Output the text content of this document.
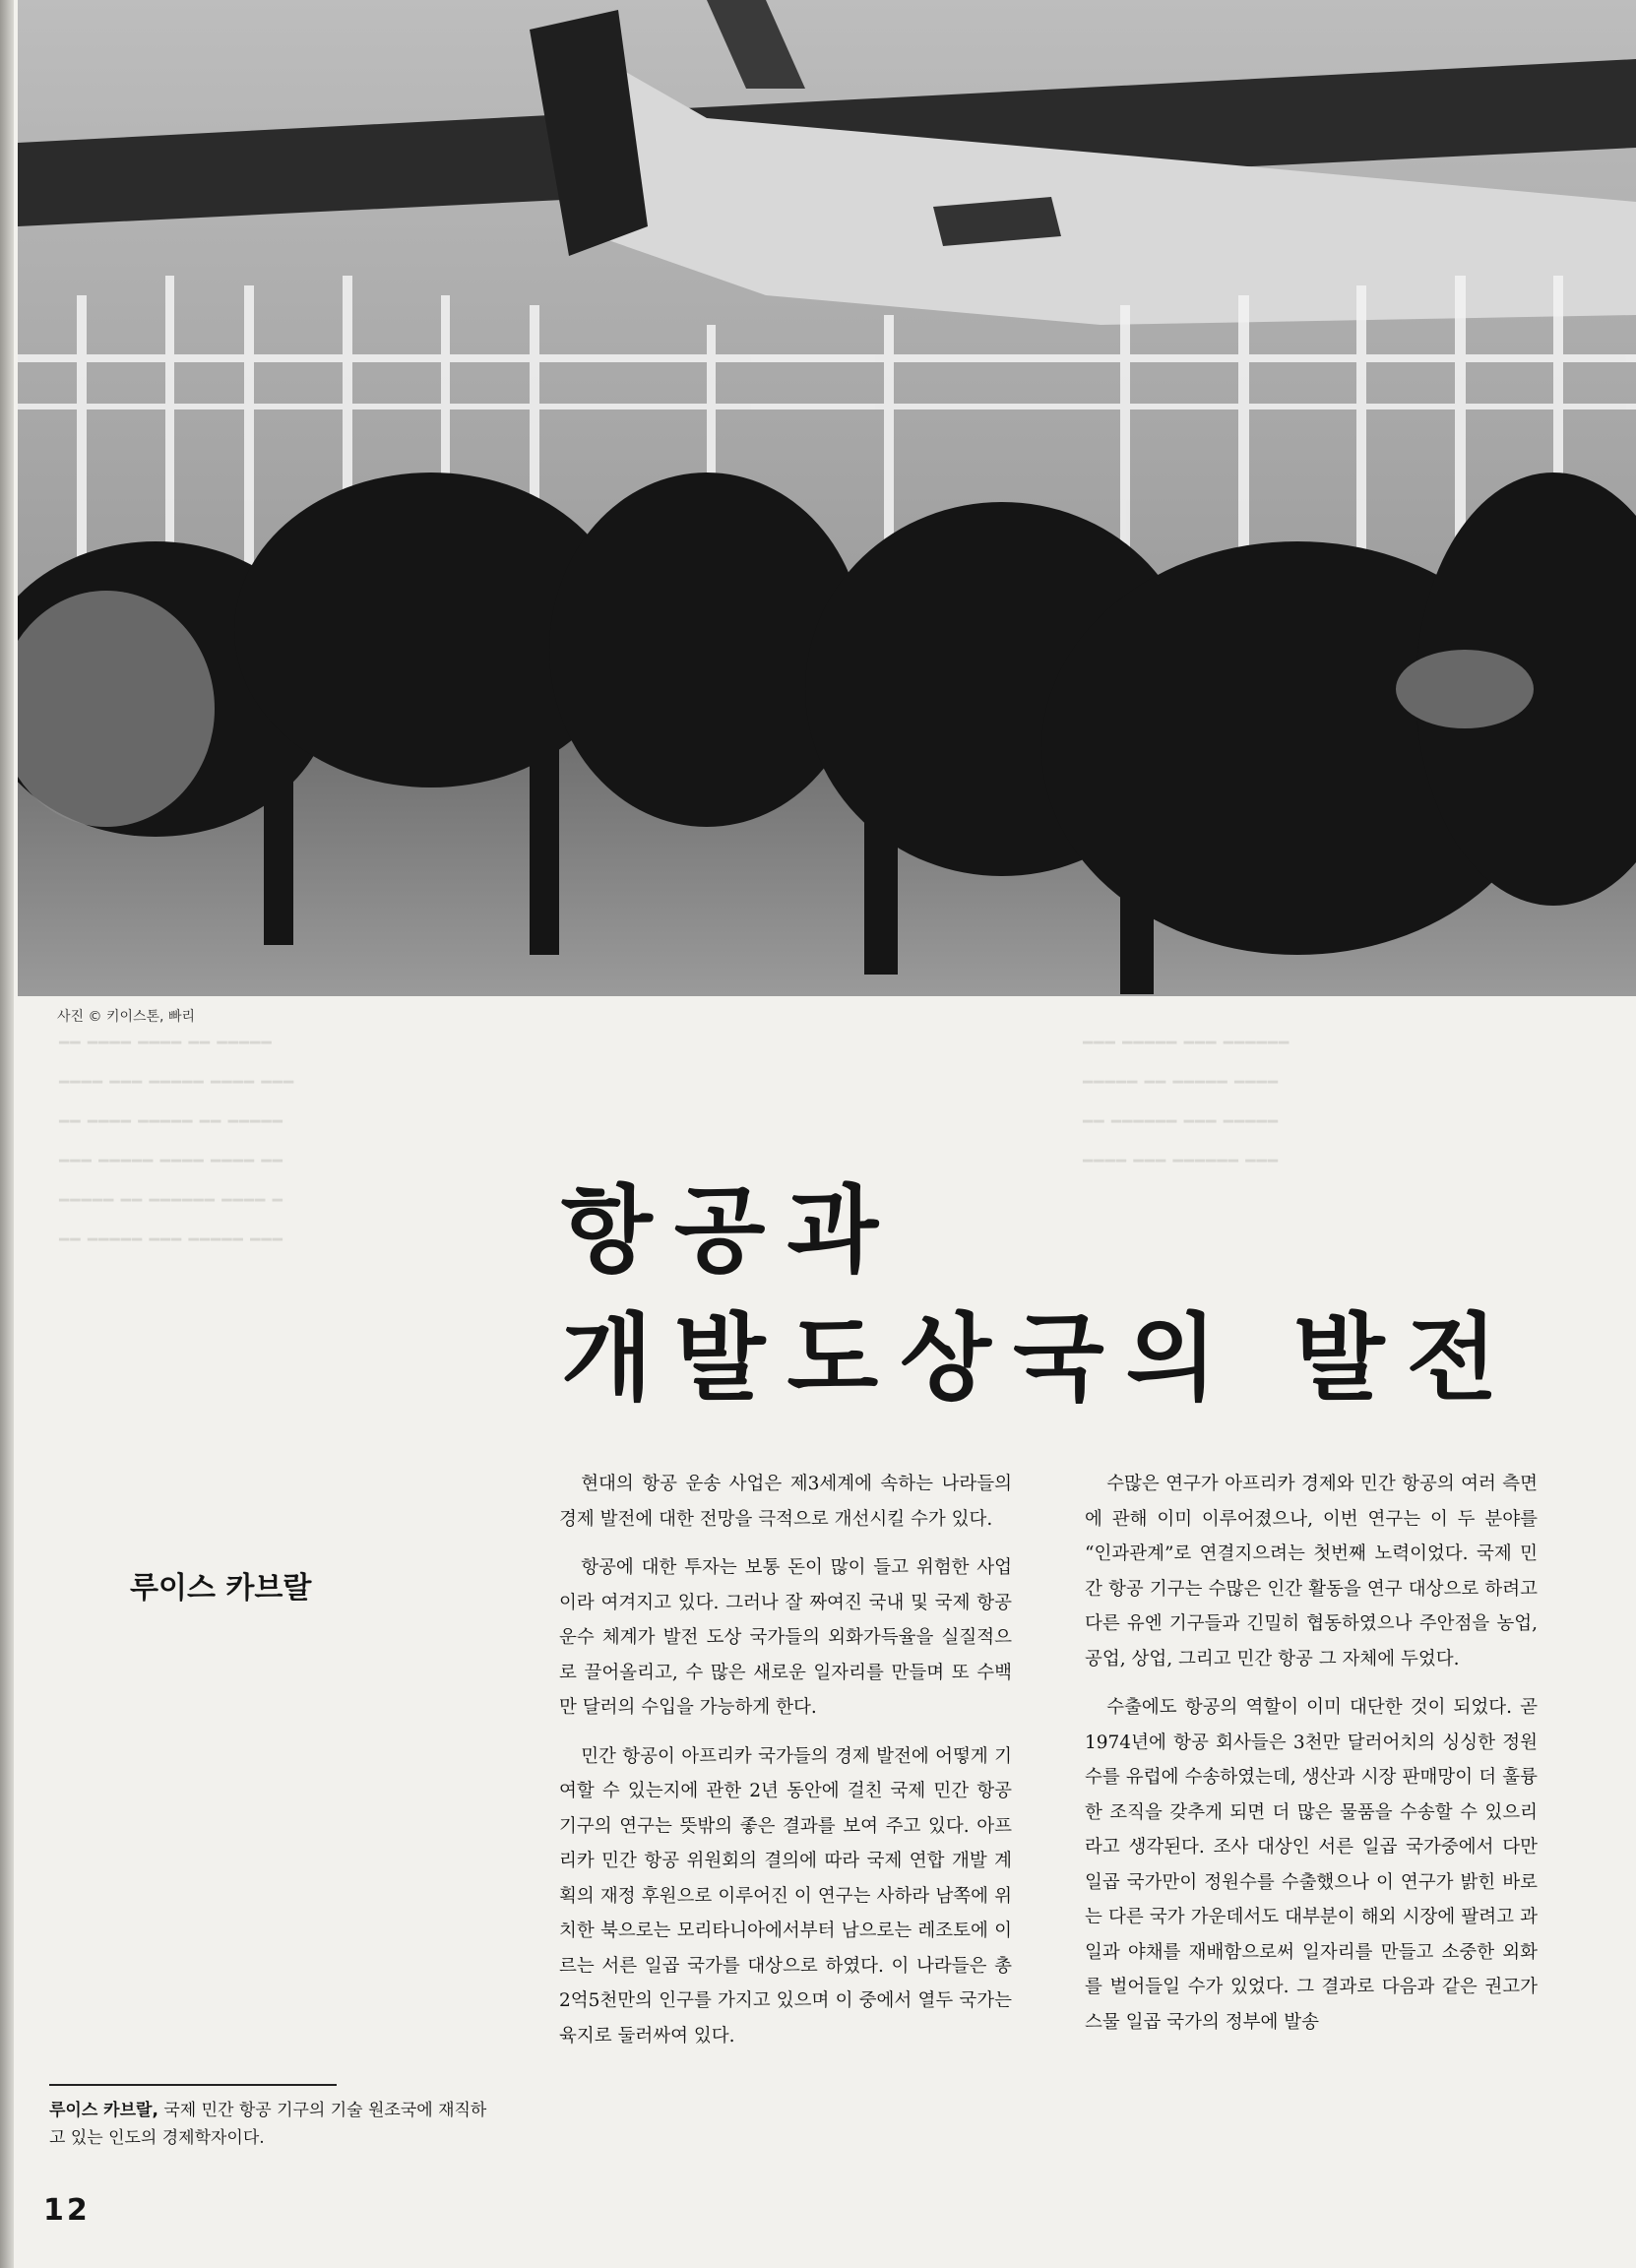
사진 © 키이스톤, 빠리
━━ ━━━━ ━━━━ ━━ ━━━━━
━━━━ ━━━ ━━━━━ ━━━━ ━━━
━━ ━━━━ ━━━━━ ━━ ━━━━━
━━━ ━━━━━ ━━━━ ━━━━ ━━
━━━━━ ━━ ━━━━━━ ━━━━ ━
━━ ━━━━━ ━━━ ━━━━━ ━━━
━━━ ━━━━━ ━━━ ━━━━━━
━━━━━ ━━ ━━━━━ ━━━━
━━ ━━━━━━ ━━━ ━━━━━
━━━━ ━━━ ━━━━━━ ━━━
항공과
개발도상국의 발전
루이스 카브랄

현대의 항공 운송 사업은 제3세계에 속하는 나라들의 경제 발전에 대한 전망을 극적으로 개선시킬 수가 있다.

항공에 대한 투자는 보통 돈이 많이 들고 위험한 사업이라 여겨지고 있다. 그러나 잘 짜여진 국내 및 국제 항공 운수 체계가 발전 도상 국가들의 외화가득율을 실질적으로 끌어올리고, 수 많은 새로운 일자리를 만들며 또 수백만 달러의 수입을 가능하게 한다.

민간 항공이 아프리카 국가들의 경제 발전에 어떻게 기여할 수 있는지에 관한 2년 동안에 걸친 국제 민간 항공 기구의 연구는 뜻밖의 좋은 결과를 보여 주고 있다. 아프리카 민간 항공 위원회의 결의에 따라 국제 연합 개발 계획의 재정 후원으로 이루어진 이 연구는 사하라 남쪽에 위치한 북으로는 모리타니아에서부터 남으로는 레조토에 이르는 서른 일곱 국가를 대상으로 하였다. 이 나라들은 총 2억5천만의 인구를 가지고 있으며 이 중에서 열두 국가는 육지로 둘러싸여 있다.

수많은 연구가 아프리카 경제와 민간 항공의 여러 측면에 관해 이미 이루어졌으나, 이번 연구는 이 두 분야를 “인과관계”로 연결지으려는 첫번째 노력이었다. 국제 민간 항공 기구는 수많은 인간 활동을 연구 대상으로 하려고 다른 유엔 기구들과 긴밀히 협동하였으나 주안점을 농업, 공업, 상업, 그리고 민간 항공 그 자체에 두었다.

수출에도 항공의 역할이 이미 대단한 것이 되었다. 곧 1974년에 항공 회사들은 3천만 달러어치의 싱싱한 정원수를 유럽에 수송하였는데, 생산과 시장 판매망이 더 훌륭한 조직을 갖추게 되면 더 많은 물품을 수송할 수 있으리라고 생각된다. 조사 대상인 서른 일곱 국가중에서 다만 일곱 국가만이 정원수를 수출했으나 이 연구가 밝힌 바로는 다른 국가 가운데서도 대부분이 해외 시장에 팔려고 과일과 야채를 재배함으로써 일자리를 만들고 소중한 외화를 벌어들일 수가 있었다. 그 결과로 다음과 같은 권고가 스물 일곱 국가의 정부에 발송

루이스 카브랄, 국제 민간 항공 기구의 기술 원조국에 재직하고 있는 인도의 경제학자이다.
12
